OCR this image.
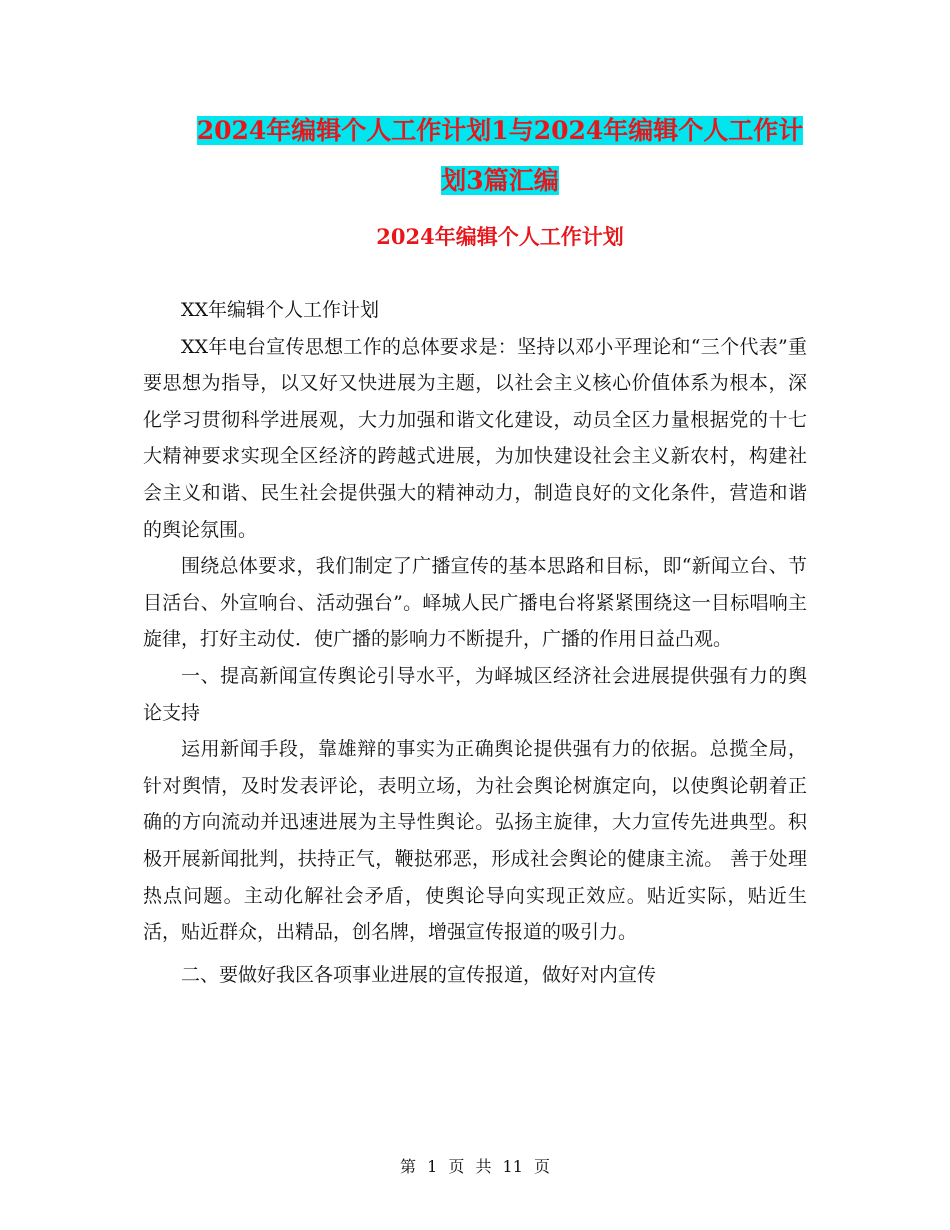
2024年编辑个人工作计划1与2024年编辑个人工作计
划3篇汇编
2024年编辑个人工作计划

XX年编辑个人工作计划

XX年电台宣传思想工作的总体要求是：坚持以邓小平理论和“三个代表”重要思想为指导，以又好又快进展为主题，以社会主义核心价值体系为根本，深化学习贯彻科学进展观，大力加强和谐文化建设，动员全区力量根据党的十七大精神要求实现全区经济的跨越式进展，为加快建设社会主义新农村，构建社会主义和谐、民生社会提供强大的精神动力，制造良好的文化条件，营造和谐的舆论氛围。

围绕总体要求，我们制定了广播宣传的基本思路和目标，即“新闻立台、节目活台、外宣响台、活动强台”。峄城人民广播电台将紧紧围绕这一目标唱响主旋律，打好主动仗．使广播的影响力不断提升，广播的作用日益凸观。

一、提高新闻宣传舆论引导水平，为峄城区经济社会进展提供强有力的舆论支持

运用新闻手段，靠雄辩的事实为正确舆论提供强有力的依据。总揽全局，针对舆情，及时发表评论，表明立场，为社会舆论树旗定向，以使舆论朝着正确的方向流动并迅速进展为主导性舆论。弘扬主旋律，大力宣传先进典型。积极开展新闻批判，扶持正气，鞭挞邪恶，形成社会舆论的健康主流。 善于处理热点问题。主动化解社会矛盾，使舆论导向实现正效应。贴近实际，贴近生活，贴近群众，出精品，创名牌，增强宣传报道的吸引力。

二、要做好我区各项事业进展的宣传报道，做好对内宣传

第 1 页 共 11 页
